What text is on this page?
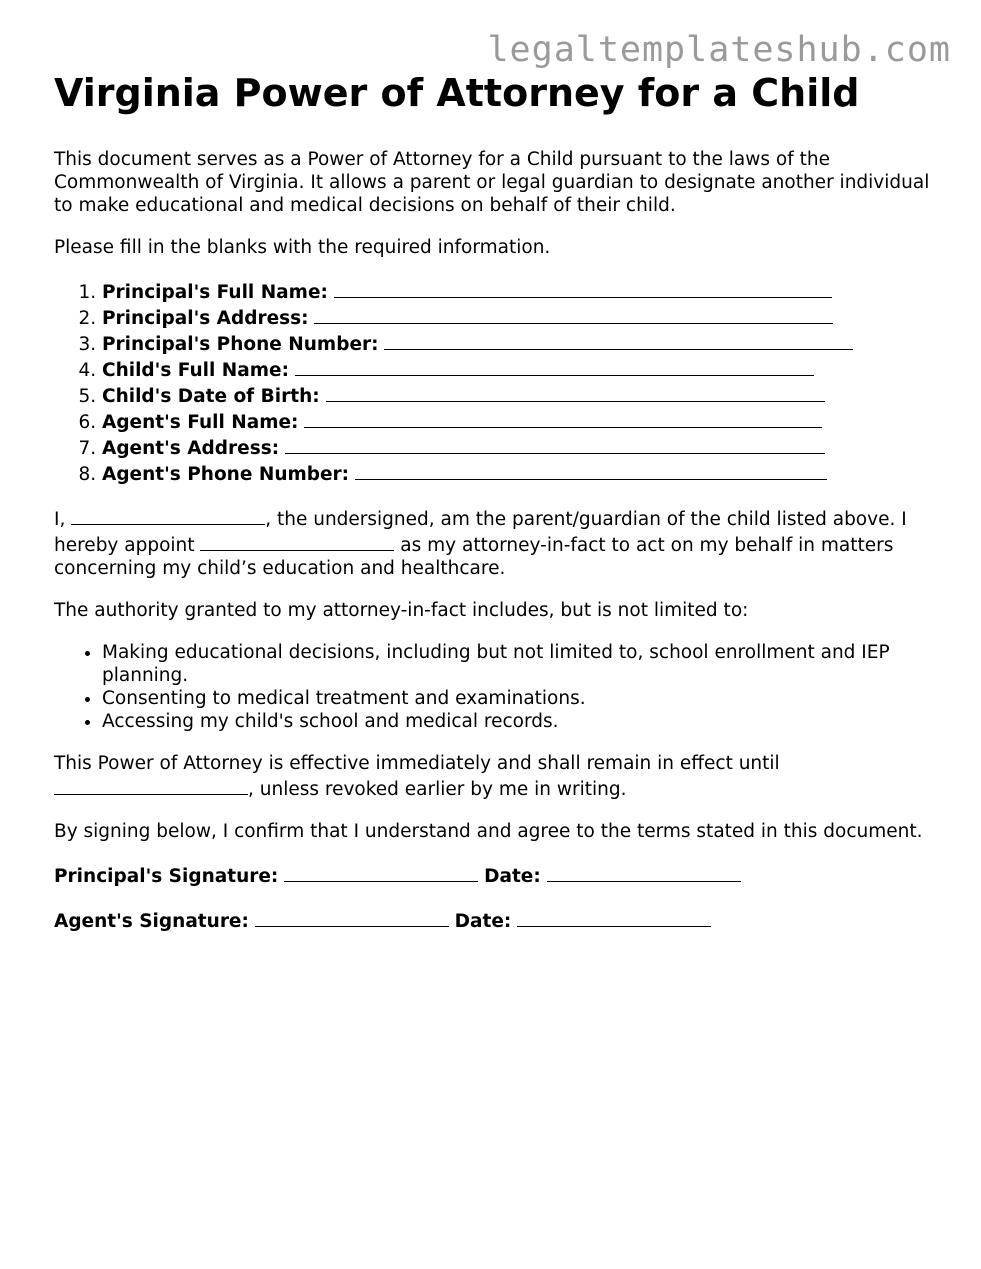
legaltemplateshub.com
Virginia Power of Attorney for a Child

This document serves as a Power of Attorney for a Child pursuant to the laws of the Commonwealth of Virginia. It allows a parent or legal guardian to designate another individual to make educational and medical decisions on behalf of their child.

Please fill in the blanks with the required information.

1. Principal's Full Name:
2. Principal's Address:
3. Principal's Phone Number:
4. Child's Full Name:
5. Child's Date of Birth:
6. Agent's Full Name:
7. Agent's Address:
8. Agent's Phone Number:

I,	, the undersigned, am the parent/guardian of the child listed above. I hereby appoint	as my attorney-in-fact to act on my behalf in matters concerning my child’s education and healthcare.

The authority granted to my attorney-in-fact includes, but is not limited to:

• Making educational decisions, including but not limited to, school enrollment and IEP planning.
• Consenting to medical treatment and examinations.
• Accessing my child's school and medical records.

This Power of Attorney is effective immediately and shall remain in effect until , unless revoked earlier by me in writing.

By signing below, I confirm that I understand and agree to the terms stated in this document.

Principal's Signature:	Date:
Agent's Signature:	Date:
